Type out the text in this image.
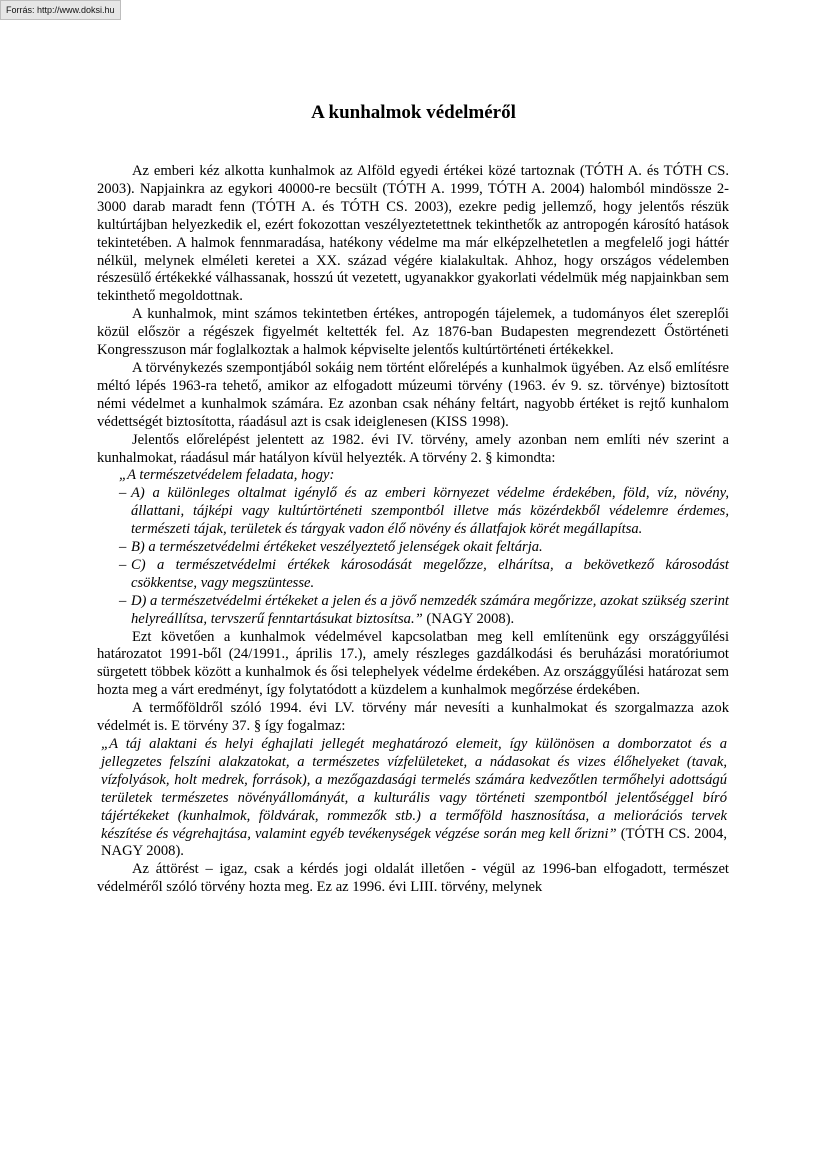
Forrás: http://www.doksi.hu
A kunhalmok védelméről

Az emberi kéz alkotta kunhalmok az Alföld egyedi értékei közé tartoznak (TÓTH A. és TÓTH CS. 2003). Napjainkra az egykori 40000-re becsült (TÓTH A. 1999, TÓTH A. 2004) halomból mindössze 2-3000 darab maradt fenn (TÓTH A. és TÓTH CS. 2003), ezekre pedig jellemző, hogy jelentős részük kultúrtájban helyezkedik el, ezért fokozottan veszélyeztetettnek tekinthetők az antropogén károsító hatások tekintetében. A halmok fennmaradása, hatékony védelme ma már elképzelhetetlen a megfelelő jogi háttér nélkül, melynek elméleti keretei a XX. század végére kialakultak. Ahhoz, hogy országos védelemben részesülő értékekké válhassanak, hosszú út vezetett, ugyanakkor gyakorlati védelmük még napjainkban sem tekinthető megoldottnak.

A kunhalmok, mint számos tekintetben értékes, antropogén tájelemek, a tudományos élet szereplői közül először a régészek figyelmét keltették fel. Az 1876-ban Budapesten megrendezett Őstörténeti Kongresszuson már foglalkoztak a halmok képviselte jelentős kultúrtörténeti értékekkel.

A törvénykezés szempontjából sokáig nem történt előrelépés a kunhalmok ügyében. Az első említésre méltó lépés 1963-ra tehető, amikor az elfogadott múzeumi törvény (1963. év 9. sz. törvénye) biztosított némi védelmet a kunhalmok számára. Ez azonban csak néhány feltárt, nagyobb értéket is rejtő kunhalom védettségét biztosította, ráadásul azt is csak ideiglenesen (KISS 1998).

Jelentős előrelépést jelentett az 1982. évi IV. törvény, amely azonban nem említi név szerint a kunhalmokat, ráadásul már hatályon kívül helyezték. A törvény 2. § kimondta:

„A természetvédelem feladata, hogy:
– A) a különleges oltalmat igénylő és az emberi környezet védelme érdekében, föld, víz, növény, állattani, tájképi vagy kultúrtörténeti szempontból illetve más közérdekből védelemre érdemes, természeti tájak, területek és tárgyak vadon élő növény és állatfajok körét megállapítsa.
– B) a természetvédelmi értékeket veszélyeztető jelenségek okait feltárja.
– C) a természetvédelmi értékek károsodását megelőzze, elhárítsa, a bekövetkező károsodást csökkentse, vagy megszüntesse.
– D) a természetvédelmi értékeket a jelen és a jövő nemzedék számára megőrizze, azokat szükség szerint helyreállítsa, tervszerű fenntartásukat biztosítsa.” (NAGY 2008).

Ezt követően a kunhalmok védelmével kapcsolatban meg kell említenünk egy országgyűlési határozatot 1991-ből (24/1991., április 17.), amely részleges gazdálkodási és beruházási moratóriumot sürgetett többek között a kunhalmok és ősi telephelyek védelme érdekében. Az országgyűlési határozat sem hozta meg a várt eredményt, így folytatódott a küzdelem a kunhalmok megőrzése érdekében.

A termőföldről szóló 1994. évi LV. törvény már nevesíti a kunhalmokat és szorgalmazza azok védelmét is. E törvény 37. § így fogalmaz:

„A táj alaktani és helyi éghajlati jellegét meghatározó elemeit, így különösen a domborzatot és a jellegzetes felszíni alakzatokat, a természetes vízfelületeket, a nádasokat és vizes élőhelyeket (tavak, vízfolyások, holt medrek, források), a mezőgazdasági termelés számára kedvezőtlen termőhelyi adottságú területek természetes növényállományát, a kulturális vagy történeti szempontból jelentőséggel bíró tájértékeket (kunhalmok, földvárak, rommezők stb.) a termőföld hasznosítása, a meliorációs tervek készítése és végrehajtása, valamint egyéb tevékenységek végzése során meg kell őrizni” (TÓTH CS. 2004, NAGY 2008).

Az áttörést – igaz, csak a kérdés jogi oldalát illetően - végül az 1996-ban elfogadott, természet védelméről szóló törvény hozta meg. Ez az 1996. évi LIII. törvény, melynek
